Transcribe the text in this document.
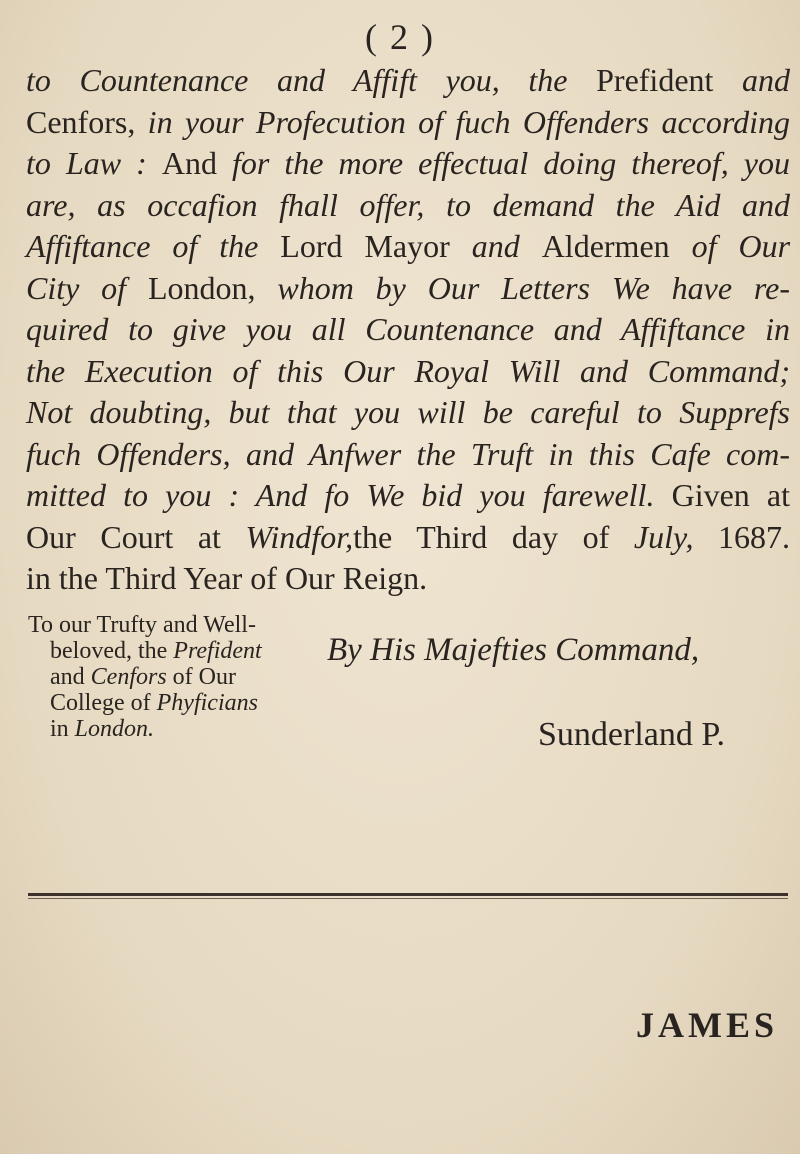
( 2 )
to Countenance and Affift you, the Prefident and
Cenfors, in your Profecution of fuch Offenders according
to Law : And for the more effectual doing thereof, you
are, as occafion fhall offer, to demand the Aid and
Affiftance of the Lord Mayor and Aldermen of Our
City of London, whom by Our Letters We have re-
quired to give you all Countenance and Affiftance in
the Execution of this Our Royal Will and Command;
Not doubting, but that you will be careful to Supprefs
fuch Offenders, and Anfwer the Truft in this Cafe com-
mitted to you : And fo We bid you farewell. Given at
Our Court at Windfor,the Third day of July, 1687.
in the Third Year of Our Reign.
To our Trufty and Well-
beloved, the Prefident
and Cenfors of Our
College of Phyficians
in London.
By His Majefties Command,
Sunderland P.
JAMES
